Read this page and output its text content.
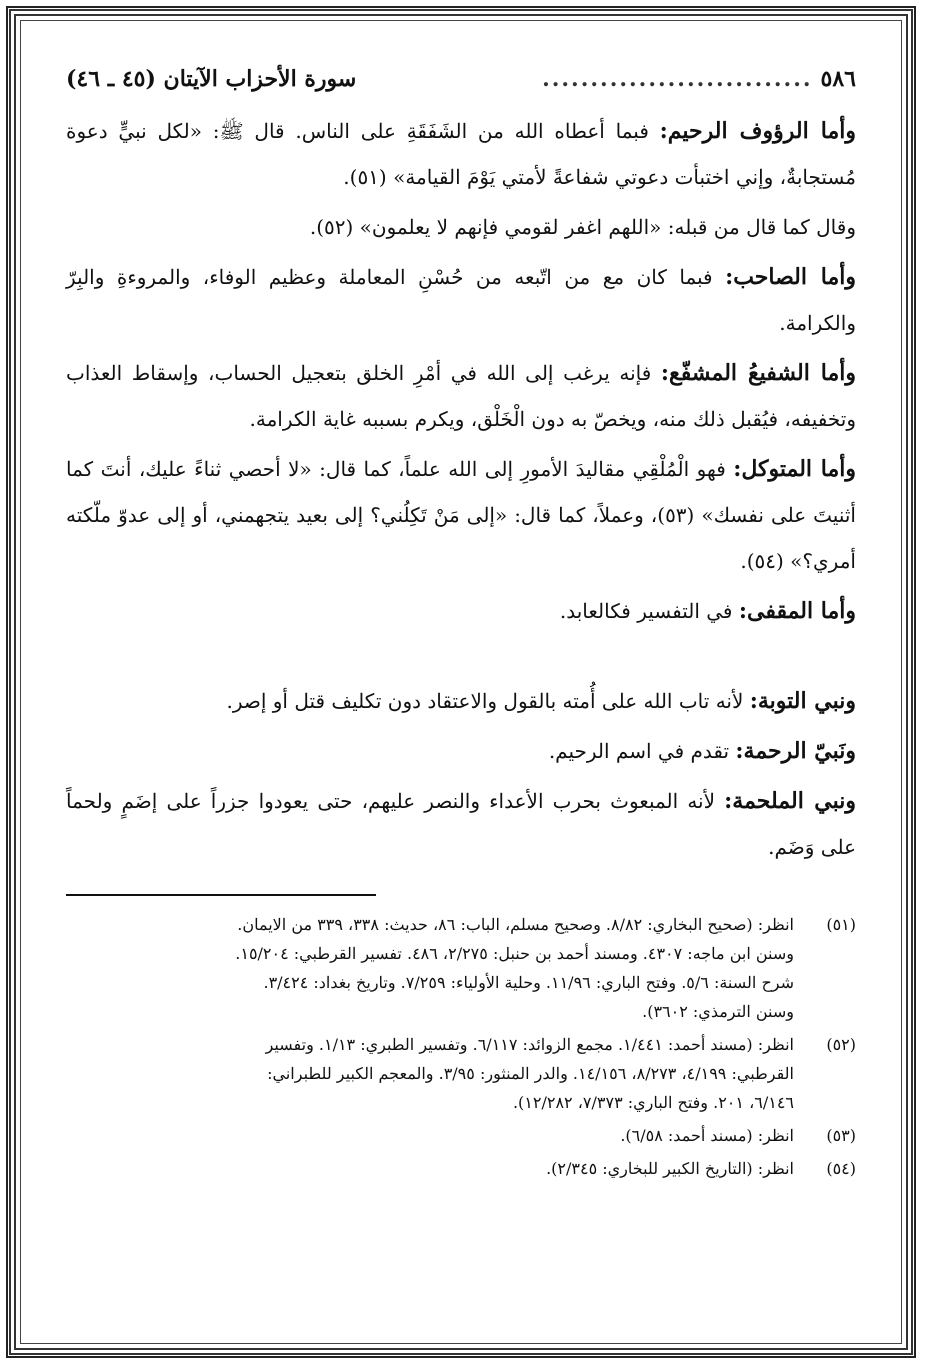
٥٨٦
............................
سورة الأحزاب الآيتان (٤٥ ـ ٤٦)

وأما الرؤوف الرحيم: فبما أعطاه الله من الشَفَقَةِ على الناس. قال ﷺ: «لكل نبيٍّ دعوة مُستجابةٌ، وإني اختبأت دعوتي شفاعةً لأمتي يَوْمَ القيامة» (٥١).

وقال كما قال من قبله: «اللهم اغفر لقومي فإنهم لا يعلمون» (٥٢).

وأما الصاحب: فبما كان مع من اتّبعه من حُسْنِ المعاملة وعظيم الوفاء، والمروءةِ والبِرّ والكرامة.

وأما الشفيعُ المشفّع: فإنه يرغب إلى الله في أمْرِ الخلق بتعجيل الحساب، وإسقاط العذاب وتخفيفه، فيُقبل ذلك منه، ويخصّ به دون الْخَلْق، ويكرم بسببه غاية الكرامة.

وأما المتوكل: فهو الْمُلْقِي مقاليدَ الأمورِ إلى الله علماً، كما قال: «لا أحصي ثناءً عليك، أنتَ كما أثنيتَ على نفسك» (٥٣)، وعملاً، كما قال: «إلى مَنْ تَكِلُني؟ إلى بعيد يتجهمني، أو إلى عدوّ ملّكته أمري؟» (٥٤).

وأما المقفى: في التفسير فكالعابد.

ونبي التوبة: لأنه تاب الله على أُمته بالقول والاعتقاد دون تكليف قتل أو إصر.

ونَبيّ الرحمة: تقدم في اسم الرحيم.

ونبي الملحمة: لأنه المبعوث بحرب الأعداء والنصر عليهم، حتى يعودوا جزراً على إضَمٍ ولحماً على وَضَم.

(٥١)
انظر: (صحيح البخاري: ٨/٨٢. وصحيح مسلم، الباب: ٨٦، حديث: ٣٣٨، ٣٣٩ من الايمان.
وسنن ابن ماجه: ٤٣٠٧. ومسند أحمد بن حنبل: ٢/٢٧٥، ٤٨٦. تفسير القرطبي: ١٥/٢٠٤.
شرح السنة: ٥/٦. وفتح الباري: ١١/٩٦. وحلية الأولياء: ٧/٢٥٩. وتاريخ بغداد: ٣/٤٢٤.
وسنن الترمذي: ٣٦٠٢).
(٥٢)
انظر: (مسند أحمد: ١/٤٤١. مجمع الزوائد: ٦/١١٧. وتفسير الطبري: ١/١٣. وتفسير
القرطبي: ٤/١٩٩، ٨/٢٧٣، ١٤/١٥٦. والدر المنثور: ٣/٩٥. والمعجم الكبير للطبراني:
٦/١٤٦، ٢٠١. وفتح الباري: ٧/٣٧٣، ١٢/٢٨٢).
(٥٣)
انظر: (مسند أحمد: ٦/٥٨).
(٥٤)
انظر: (التاريخ الكبير للبخاري: ٢/٣٤٥).
